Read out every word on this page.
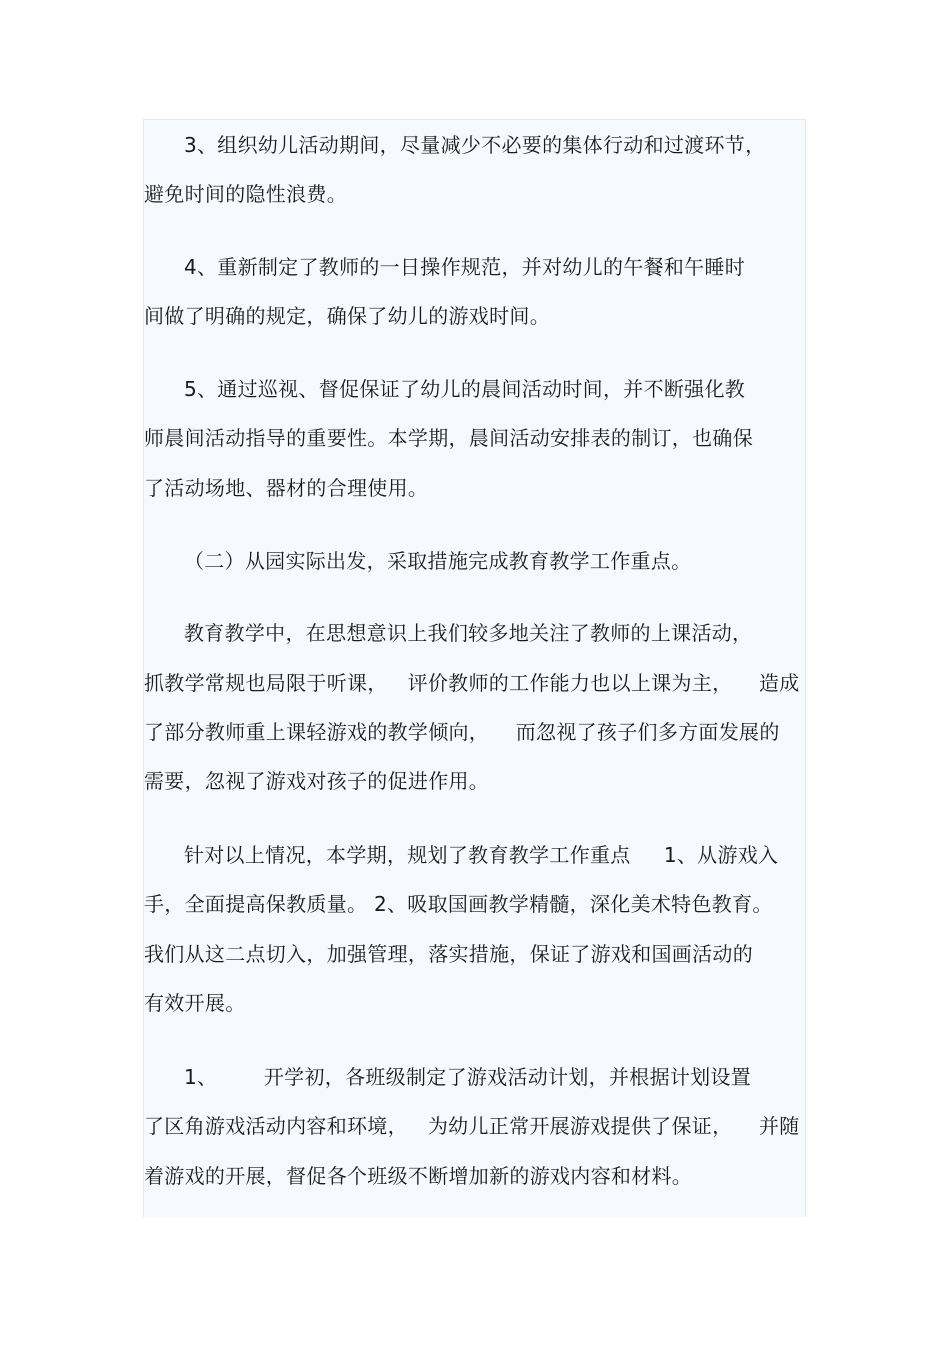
3、组织幼儿活动期间，尽量减少不必要的集体行动和过渡环节，
避免时间的隐性浪费。
4、重新制定了教师的一日操作规范，并对幼儿的午餐和午睡时
间做了明确的规定，确保了幼儿的游戏时间。
5、通过巡视、督促保证了幼儿的晨间活动时间，并不断强化教
师晨间活动指导的重要性。本学期，晨间活动安排表的制订，也确保
了活动场地、器材的合理使用。
（二）从园实际出发，采取措施完成教育教学工作重点。
教育教学中，在思想意识上我们较多地关注了教师的上课活动，
抓教学常规也局限于听课，   评价教师的工作能力也以上课为主，    造成
了部分教师重上课轻游戏的教学倾向，    而忽视了孩子们多方面发展的
需要，忽视了游戏对孩子的促进作用。
针对以上情况，本学期，规划了教育教学工作重点     1、从游戏入
手，全面提高保教质量。 2、吸取国画教学精髓，深化美术特色教育。
我们从这二点切入，加强管理，落实措施，保证了游戏和国画活动的
有效开展。
1、       开学初，各班级制定了游戏活动计划，并根据计划设置
了区角游戏活动内容和环境，   为幼儿正常开展游戏提供了保证，    并随
着游戏的开展，督促各个班级不断增加新的游戏内容和材料。
